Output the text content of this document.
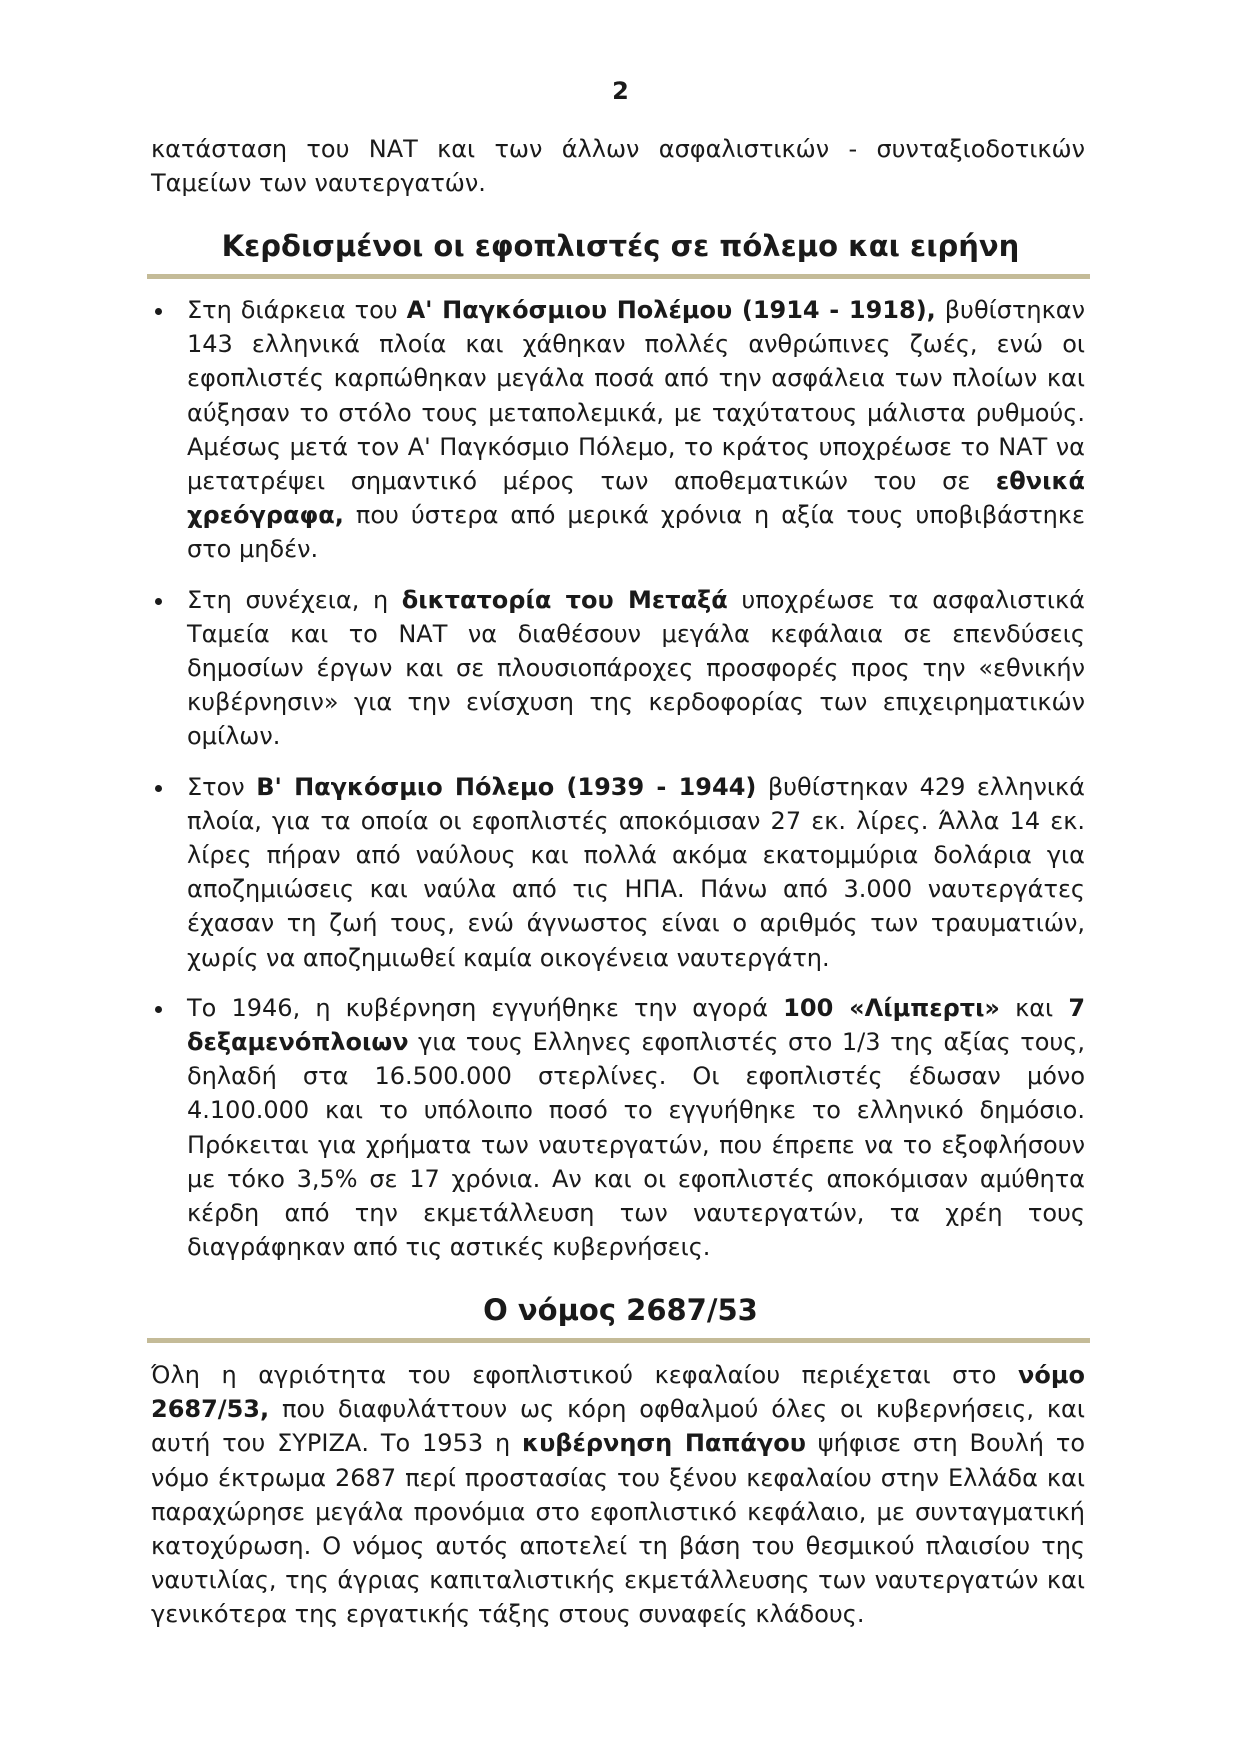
2

κατάσταση του ΝΑΤ και των άλλων ασφαλιστικών - συνταξιοδοτικών Ταμείων των ναυτεργατών.

Κερδισμένοι οι εφοπλιστές σε πόλεμο και ειρήνη
Στη διάρκεια του Α' Παγκόσμιου Πολέμου (1914 - 1918), βυθίστηκαν 143 ελληνικά πλοία και χάθηκαν πολλές ανθρώπινες ζωές, ενώ οι εφοπλιστές καρπώθηκαν μεγάλα ποσά από την ασφάλεια των πλοίων και αύξησαν το στόλο τους μεταπολεμικά, με ταχύτατους μάλιστα ρυθμούς. Αμέσως μετά τον Α' Παγκόσμιο Πόλεμο, το κράτος υποχρέωσε το ΝΑΤ να μετατρέψει σημαντικό μέρος των αποθεματικών του σε εθνικά χρεόγραφα, που ύστερα από μερικά χρόνια η αξία τους υποβιβάστηκε στο μηδέν.
Στη συνέχεια, η δικτατορία του Μεταξά υποχρέωσε τα ασφαλιστικά Ταμεία και το ΝΑΤ να διαθέσουν μεγάλα κεφάλαια σε επενδύσεις δημοσίων έργων και σε πλουσιοπάροχες προσφορές προς την «εθνικήν κυβέρνησιν» για την ενίσχυση της κερδοφορίας των επιχειρηματικών ομίλων.
Στον Β' Παγκόσμιο Πόλεμο (1939 - 1944) βυθίστηκαν 429 ελληνικά πλοία, για τα οποία οι εφοπλιστές αποκόμισαν 27 εκ. λίρες. Άλλα 14 εκ. λίρες πήραν από ναύλους και πολλά ακόμα εκατομμύρια δολάρια για αποζημιώσεις και ναύλα από τις ΗΠΑ. Πάνω από 3.000 ναυτεργάτες έχασαν τη ζωή τους, ενώ άγνωστος είναι ο αριθμός των τραυματιών, χωρίς να αποζημιωθεί καμία οικογένεια ναυτεργάτη.
Το 1946, η κυβέρνηση εγγυήθηκε την αγορά 100 «Λίμπερτι» και 7 δεξαμενόπλοιων για τους Ελληνες εφοπλιστές στο 1/3 της αξίας τους, δηλαδή στα 16.500.000 στερλίνες. Οι εφοπλιστές έδωσαν μόνο 4.100.000 και το υπόλοιπο ποσό το εγγυήθηκε το ελληνικό δημόσιο. Πρόκειται για χρήματα των ναυτεργατών, που έπρεπε να το εξοφλήσουν με τόκο 3,5% σε 17 χρόνια. Αν και οι εφοπλιστές αποκόμισαν αμύθητα κέρδη από την εκμετάλλευση των ναυτεργατών, τα χρέη τους διαγράφηκαν από τις αστικές κυβερνήσεις.
Ο νόμος 2687/53

Όλη η αγριότητα του εφοπλιστικού κεφαλαίου περιέχεται στο νόμο 2687/53, που διαφυλάττουν ως κόρη οφθαλμού όλες οι κυβερνήσεις, και αυτή του ΣΥΡΙΖΑ. Το 1953 η κυβέρνηση Παπάγου ψήφισε στη Βουλή το νόμο έκτρωμα 2687 περί προστασίας του ξένου κεφαλαίου στην Ελλάδα και παραχώρησε μεγάλα προνόμια στο εφοπλιστικό κεφάλαιο, με συνταγματική κατοχύρωση. Ο νόμος αυτός αποτελεί τη βάση του θεσμικού πλαισίου της ναυτιλίας, της άγριας καπιταλιστικής εκμετάλλευσης των ναυτεργατών και γενικότερα της εργατικής τάξης στους συναφείς κλάδους.
